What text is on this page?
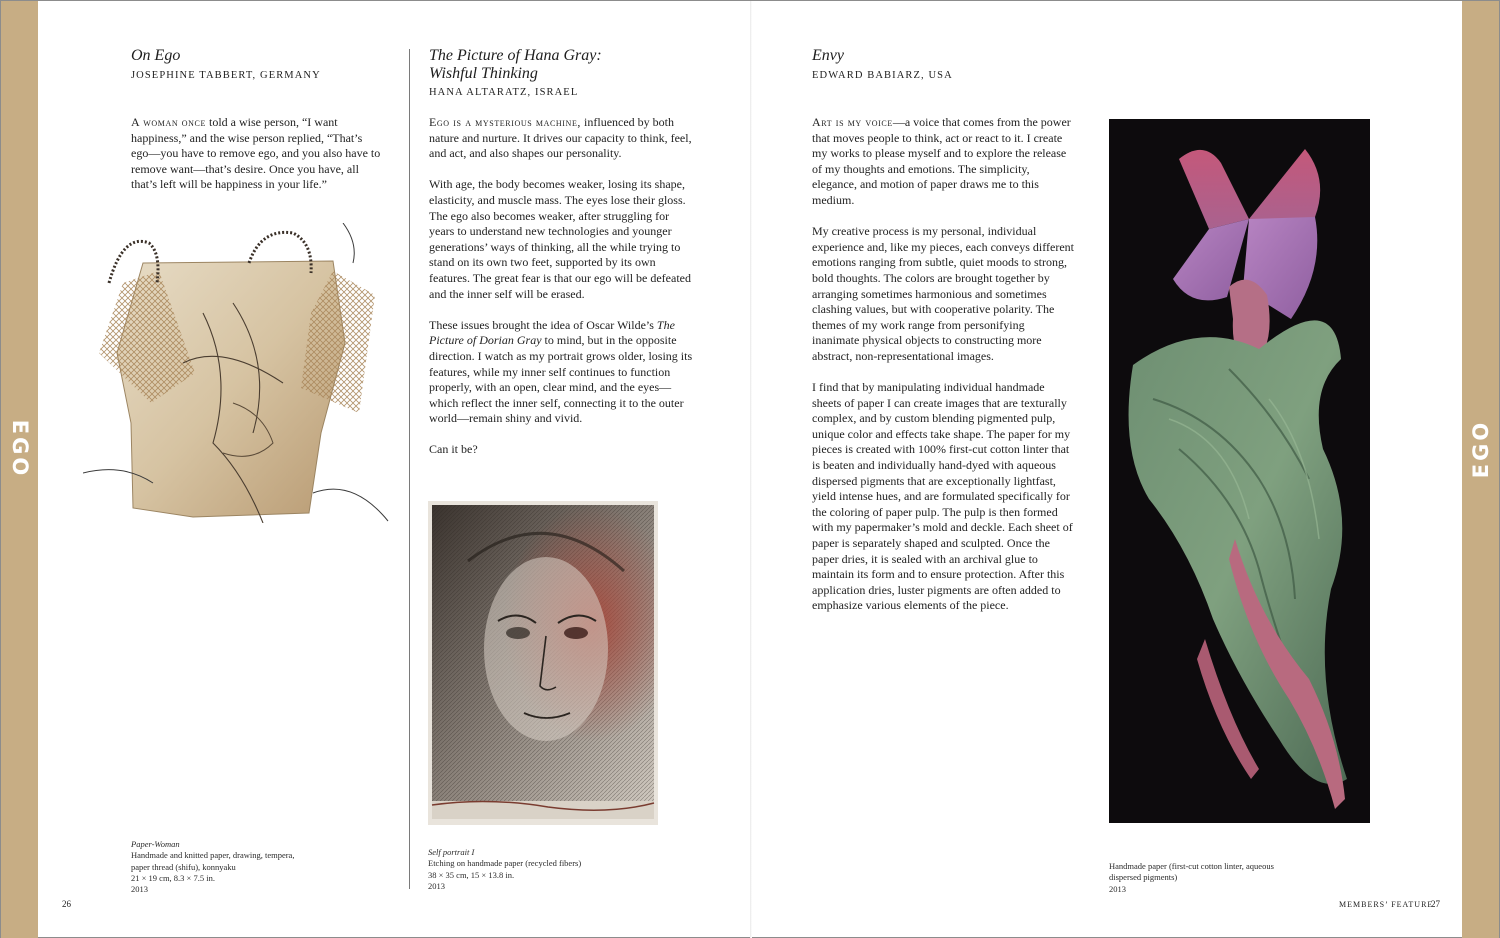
EGO	EGO
On Ego
JOSEPHINE TABBERT, GERMANY

A woman once told a wise person, “I want happiness,” and the wise person replied, “That’s ego—you have to remove ego, and you also have to remove want—that’s desire. Once you have, all that’s left will be happiness in your life.”

Paper-Woman
Handmade and knitted paper, drawing, tempera, paper thread (shifu), konnyaku
21 × 19 cm, 8.3 × 7.5 in.
2013
The Picture of Hana Gray:
Wishful Thinking
HANA ALTARATZ, ISRAEL

Ego is a mysterious machine, influenced by both nature and nurture. It drives our capacity to think, feel, and act, and also shapes our personality.

With age, the body becomes weaker, losing its shape, elasticity, and muscle mass. The eyes lose their gloss. The ego also becomes weaker, after struggling for years to understand new technologies and younger generations’ ways of thinking, all the while trying to stand on its own two feet, supported by its own features. The great fear is that our ego will be defeated and the inner self will be erased.

These issues brought the idea of Oscar Wilde’s The Picture of Dorian Gray to mind, but in the opposite direction. I watch as my portrait grows older, losing its features, while my inner self continues to function properly, with an open, clear mind, and the eyes—which reflect the inner self, connecting it to the outer world—remain shiny and vivid.

Can it be?

Self portrait I
Etching on handmade paper (recycled fibers)
38 × 35 cm, 15 × 13.8 in.
2013
Envy
EDWARD BABIARZ, USA

Art is my voice—a voice that comes from the power that moves people to think, act or react to it. I create my works to please myself and to explore the release of my thoughts and emotions. The simplicity, elegance, and motion of paper draws me to this medium.

My creative process is my personal, individual experience and, like my pieces, each conveys different emotions ranging from subtle, quiet moods to strong, bold thoughts. The colors are brought together by arranging sometimes harmonious and sometimes clashing values, but with cooperative polarity. The themes of my work range from personifying inanimate physical objects to constructing more abstract, non-representational images.

I find that by manipulating individual handmade sheets of paper I can create images that are texturally complex, and by custom blending pigmented pulp, unique color and effects take shape. The paper for my pieces is created with 100% first-cut cotton linter that is beaten and individually hand-dyed with aqueous dispersed pigments that are exceptionally lightfast, yield intense hues, and are formulated specifically for the coloring of paper pulp. The pulp is then formed with my papermaker’s mold and deckle. Each sheet of paper is separately shaped and sculpted. Once the paper dries, it is sealed with an archival glue to maintain its form and to ensure protection. After this application dries, luster pigments are often added to emphasize various elements of the piece.

Handmade paper (first-cut cotton linter, aqueous
dispersed pigments)
2013
26	MEMBERS’ FEATURE
27
